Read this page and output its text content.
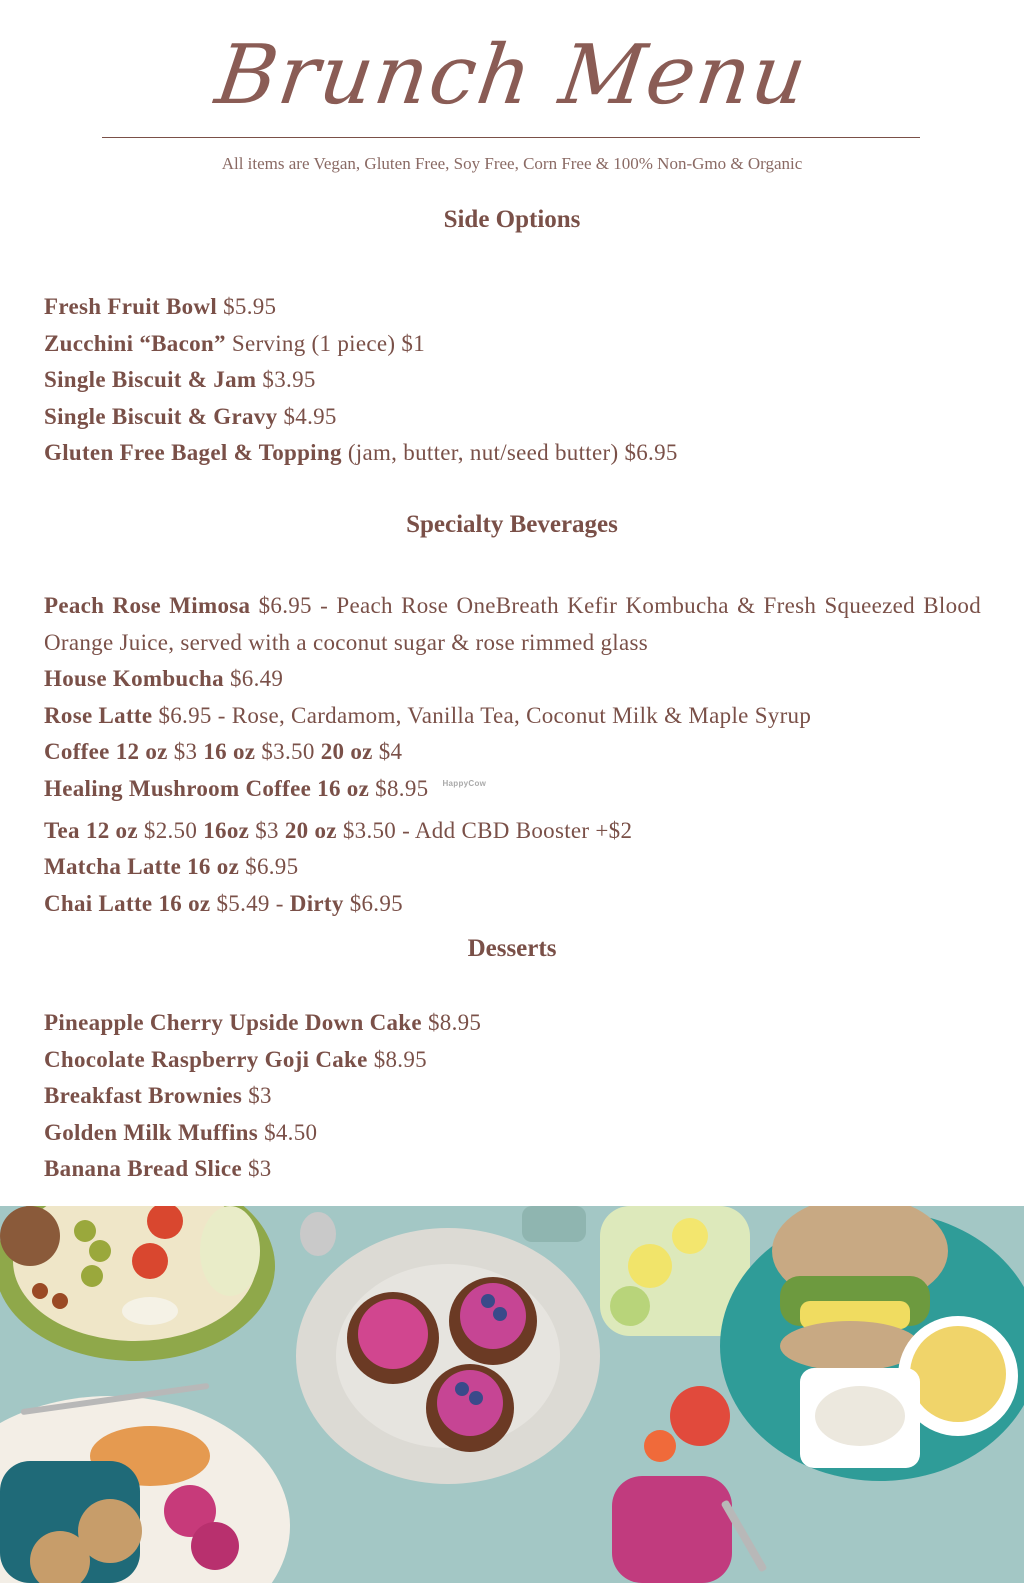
Brunch Menu
All items are Vegan, Gluten Free, Soy Free, Corn Free & 100% Non-Gmo & Organic
Side Options

Fresh Fruit Bowl $5.95

Zucchini “Bacon” Serving (1 piece) $1

Single Biscuit & Jam $3.95

Single Biscuit & Gravy $4.95

Gluten Free Bagel & Topping (jam, butter, nut/seed butter) $6.95

Specialty Beverages

Peach Rose Mimosa $6.95 - Peach Rose OneBreath Kefir Kombucha & Fresh Squeezed Blood Orange Juice, served with a coconut sugar & rose rimmed glass

House Kombucha $6.49

Rose Latte $6.95 - Rose, Cardamom, Vanilla Tea, Coconut Milk & Maple Syrup

Coffee 12 oz $3 16 oz $3.50 20 oz $4

Healing Mushroom Coffee 16 oz $8.95 $^{HappyCow}$

Tea 12 oz $2.50 16oz $3 20 oz $3.50 - Add CBD Booster +$2

Matcha Latte 16 oz $6.95

Chai Latte 16 oz $5.49 - Dirty $6.95

Desserts

Pineapple Cherry Upside Down Cake $8.95

Chocolate Raspberry Goji Cake $8.95

Breakfast Brownies $3

Golden Milk Muffins $4.50

Banana Bread Slice $3
